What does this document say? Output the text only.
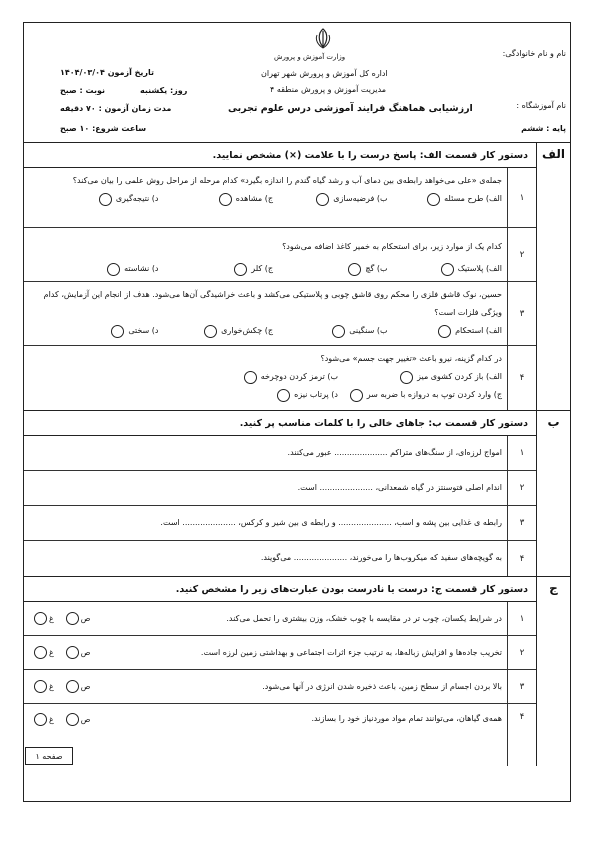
وزارت آموزش و پرورش
اداره کل آموزش و پرورش شهر تهران
مدیریت آموزش و پرورش منطقه ۴
ارزشیابی هماهنگ فرایند آموزشی درس علوم تجربی
نام و نام خانوادگی:
نام آموزشگاه :
پایه : ششم
تاریخ آزمون ۱۴۰۴/۰۳/۰۴
روز: یکشنبه
نوبت : صبح
مدت زمان آزمون : ۷۰ دقیقه
ساعت شروع: ۱۰ صبح
الف
دستور کار قسمت الف: پاسخ درست را با علامت (×) مشخص نمایید.
۱
جمله‌ی «علی می‌خواهد رابطه‌ی بین دمای آب و رشد گیاه گندم را اندازه بگیرد» کدام مرحله از مراحل روش علمی را بیان می‌کند؟
الف) طرح مسئله
ب) فرضیه‌سازی
ج) مشاهده
د) نتیجه‌گیری
۲
کدام یک از موارد زیر، برای استحکام به خمیر کاغذ اضافه می‌شود؟
الف) پلاستیک
ب) گچ
ج) کلر
د) نشاسته
۳
حسین، نوک قاشق فلزی را محکم روی قاشق چوبی و پلاستیکی می‌کشد و باعث خراشیدگی آن‌ها می‌شود. هدف از انجام این آزمایش، کدام ویژگی فلزات است؟
الف) استحکام
ب) سنگینی
ج) چکش‌خواری
د) سختی
۴
در کدام گزینه، نیرو باعث «تغییر جهت جسم» می‌شود؟
الف) باز کردن کشوی میز
ب) ترمز کردن دوچرخه
ج) وارد کردن توپ به دروازه با ضربه سر
د) پرتاب نیزه
ب
دستور کار قسمت ب: جاهای خالی را با کلمات مناسب پر کنید.
۱
امواج لرزه‌ای، از سنگ‌های متراکم ..................... عبور می‌کنند.
۲
اندام اصلی فتوسنتز در گیاه شمعدانی، ..................... است.
۳
رابطه ی غذایی بین پشه و اسب، ..................... و رابطه ی بین شیر و کرکس، ..................... است.
۴
به گویچه‌های سفید که میکروب‌ها را می‌خورند، ..................... می‌گویند.
ج
دستور کار قسمت ج: درست یا نادرست بودن عبارت‌های زیر را مشخص کنید.
۱
در شرایط یکسان، چوب تر در مقایسه با چوب خشک، وزن بیشتری را تحمل می‌کند.
ص
غ
۲
تخریب جاده‌ها و افزایش زباله‌ها، به ترتیب جزء اثرات اجتماعی و بهداشتی زمین لرزه است.
ص
غ
۳
بالا بردن اجسام از سطح زمین، باعث ذخیره شدن انرژی در آنها می‌شود.
ص
غ
۴
همه‌ی گیاهان، می‌توانند تمام مواد موردنیاز خود را بسازند.
ص
غ
صفحه ۱
